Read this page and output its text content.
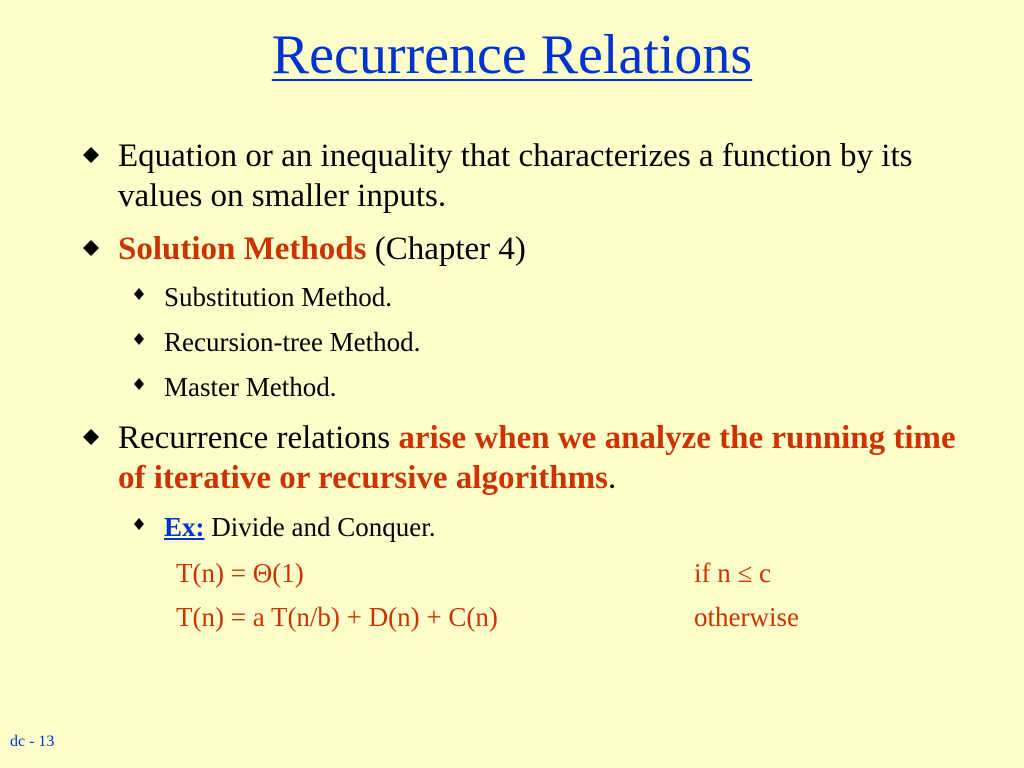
Recurrence Relations
Equation or an inequality that characterizes a function by its values on smaller inputs.
Solution Methods (Chapter 4)
Substitution Method.
Recursion-tree Method.
Master Method.
Recurrence relations arise when we analyze the running time of iterative or recursive algorithms.
Ex: Divide and Conquer.
T(n) = Θ(1)	if n ≤ c
T(n) = a T(n/b) + D(n) + C(n)	otherwise
dc - 13
